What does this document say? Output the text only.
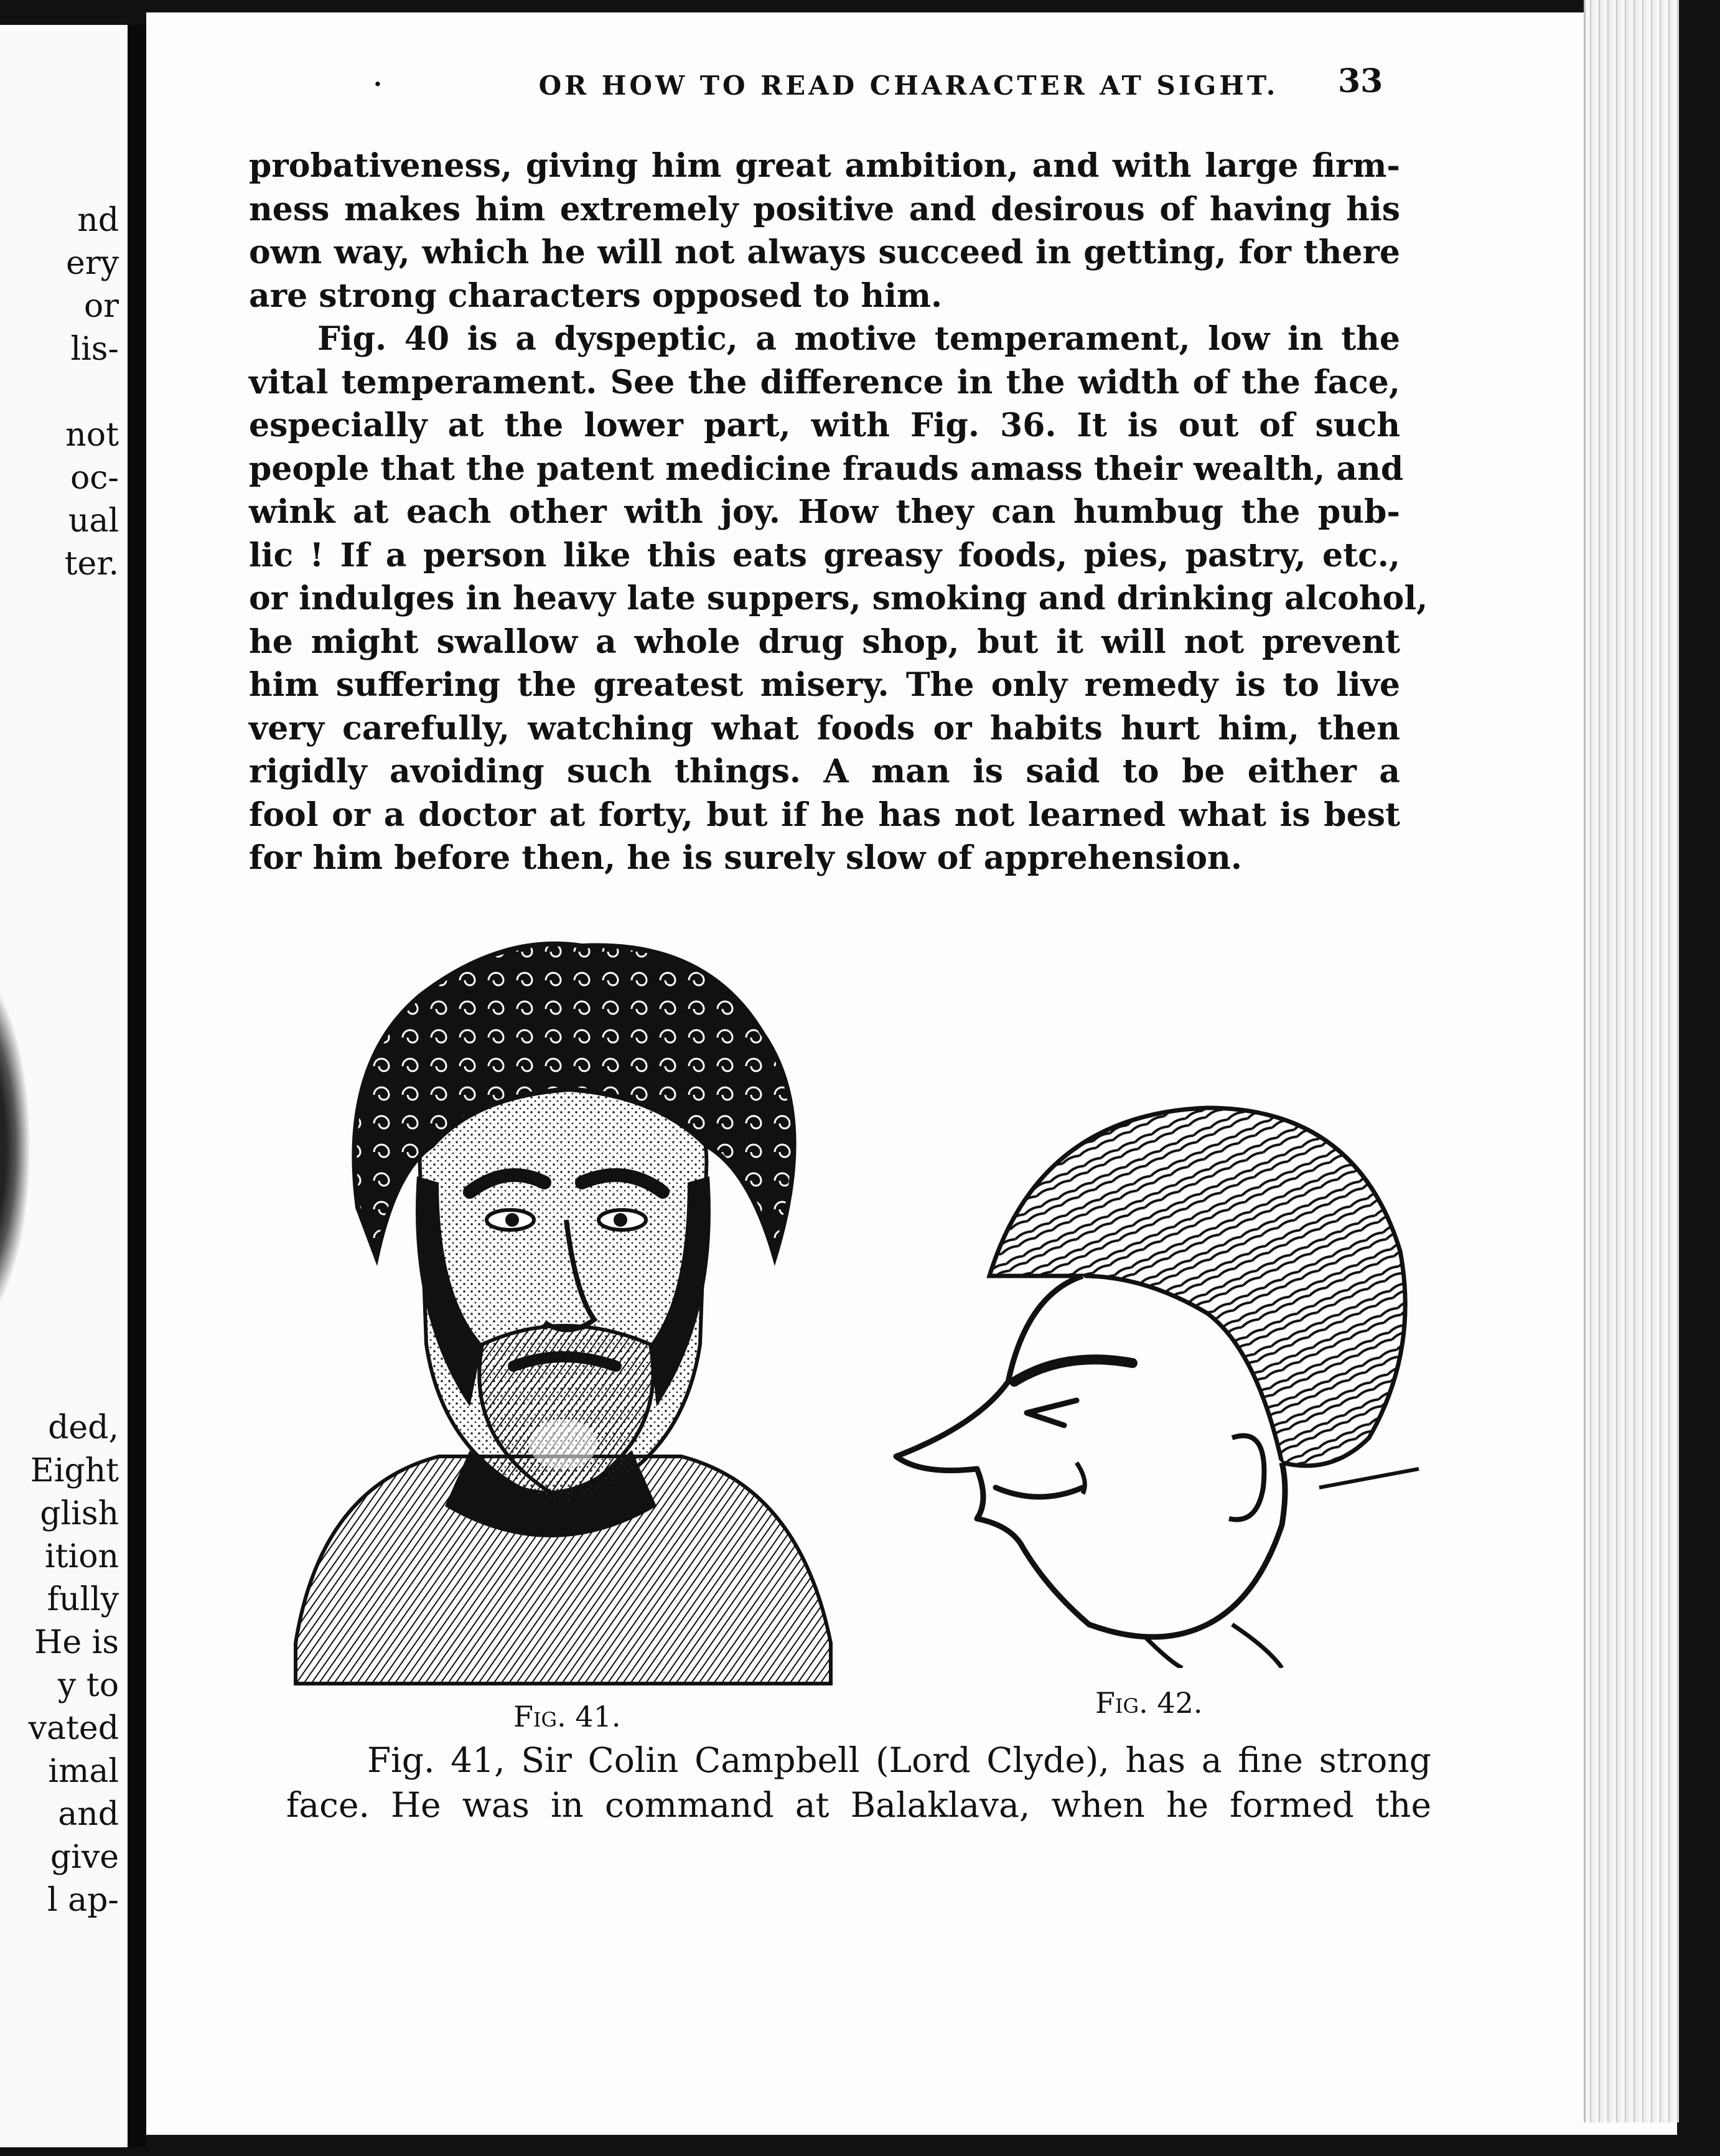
nd
ery
or
lis-
not
oc-
ual
ter.
ded,
Eight
glish
ition
fully
He is
y to
vated
imal
and
give
l ap-
·	OR HOW TO READ CHARACTER AT SIGHT.	33
probativeness, giving him great ambition, and with large firm-
ness makes him extremely positive and desirous of having his
own way, which he will not always succeed in getting, for there
are strong characters opposed to him.
Fig. 40 is a dyspeptic, a motive temperament, low in the
vital temperament. See the difference in the width of the face,
especially at the lower part, with Fig. 36. It is out of such
people that the patent medicine frauds amass their wealth, and
wink at each other with joy. How they can humbug the pub-
lic ! If a person like this eats greasy foods, pies, pastry, etc.,
or indulges in heavy late suppers, smoking and drinking alcohol,
he might swallow a whole drug shop, but it will not prevent
him suffering the greatest misery. The only remedy is to live
very carefully, watching what foods or habits hurt him, then
rigidly avoiding such things. A man is said to be either a
fool or a doctor at forty, but if he has not learned what is best
for him before then, he is surely slow of apprehension.
Fig. 41.	Fig. 42.
Fig. 41, Sir Colin Campbell (Lord Clyde), has a fine strong
face. He was in command at Balaklava, when he formed the
